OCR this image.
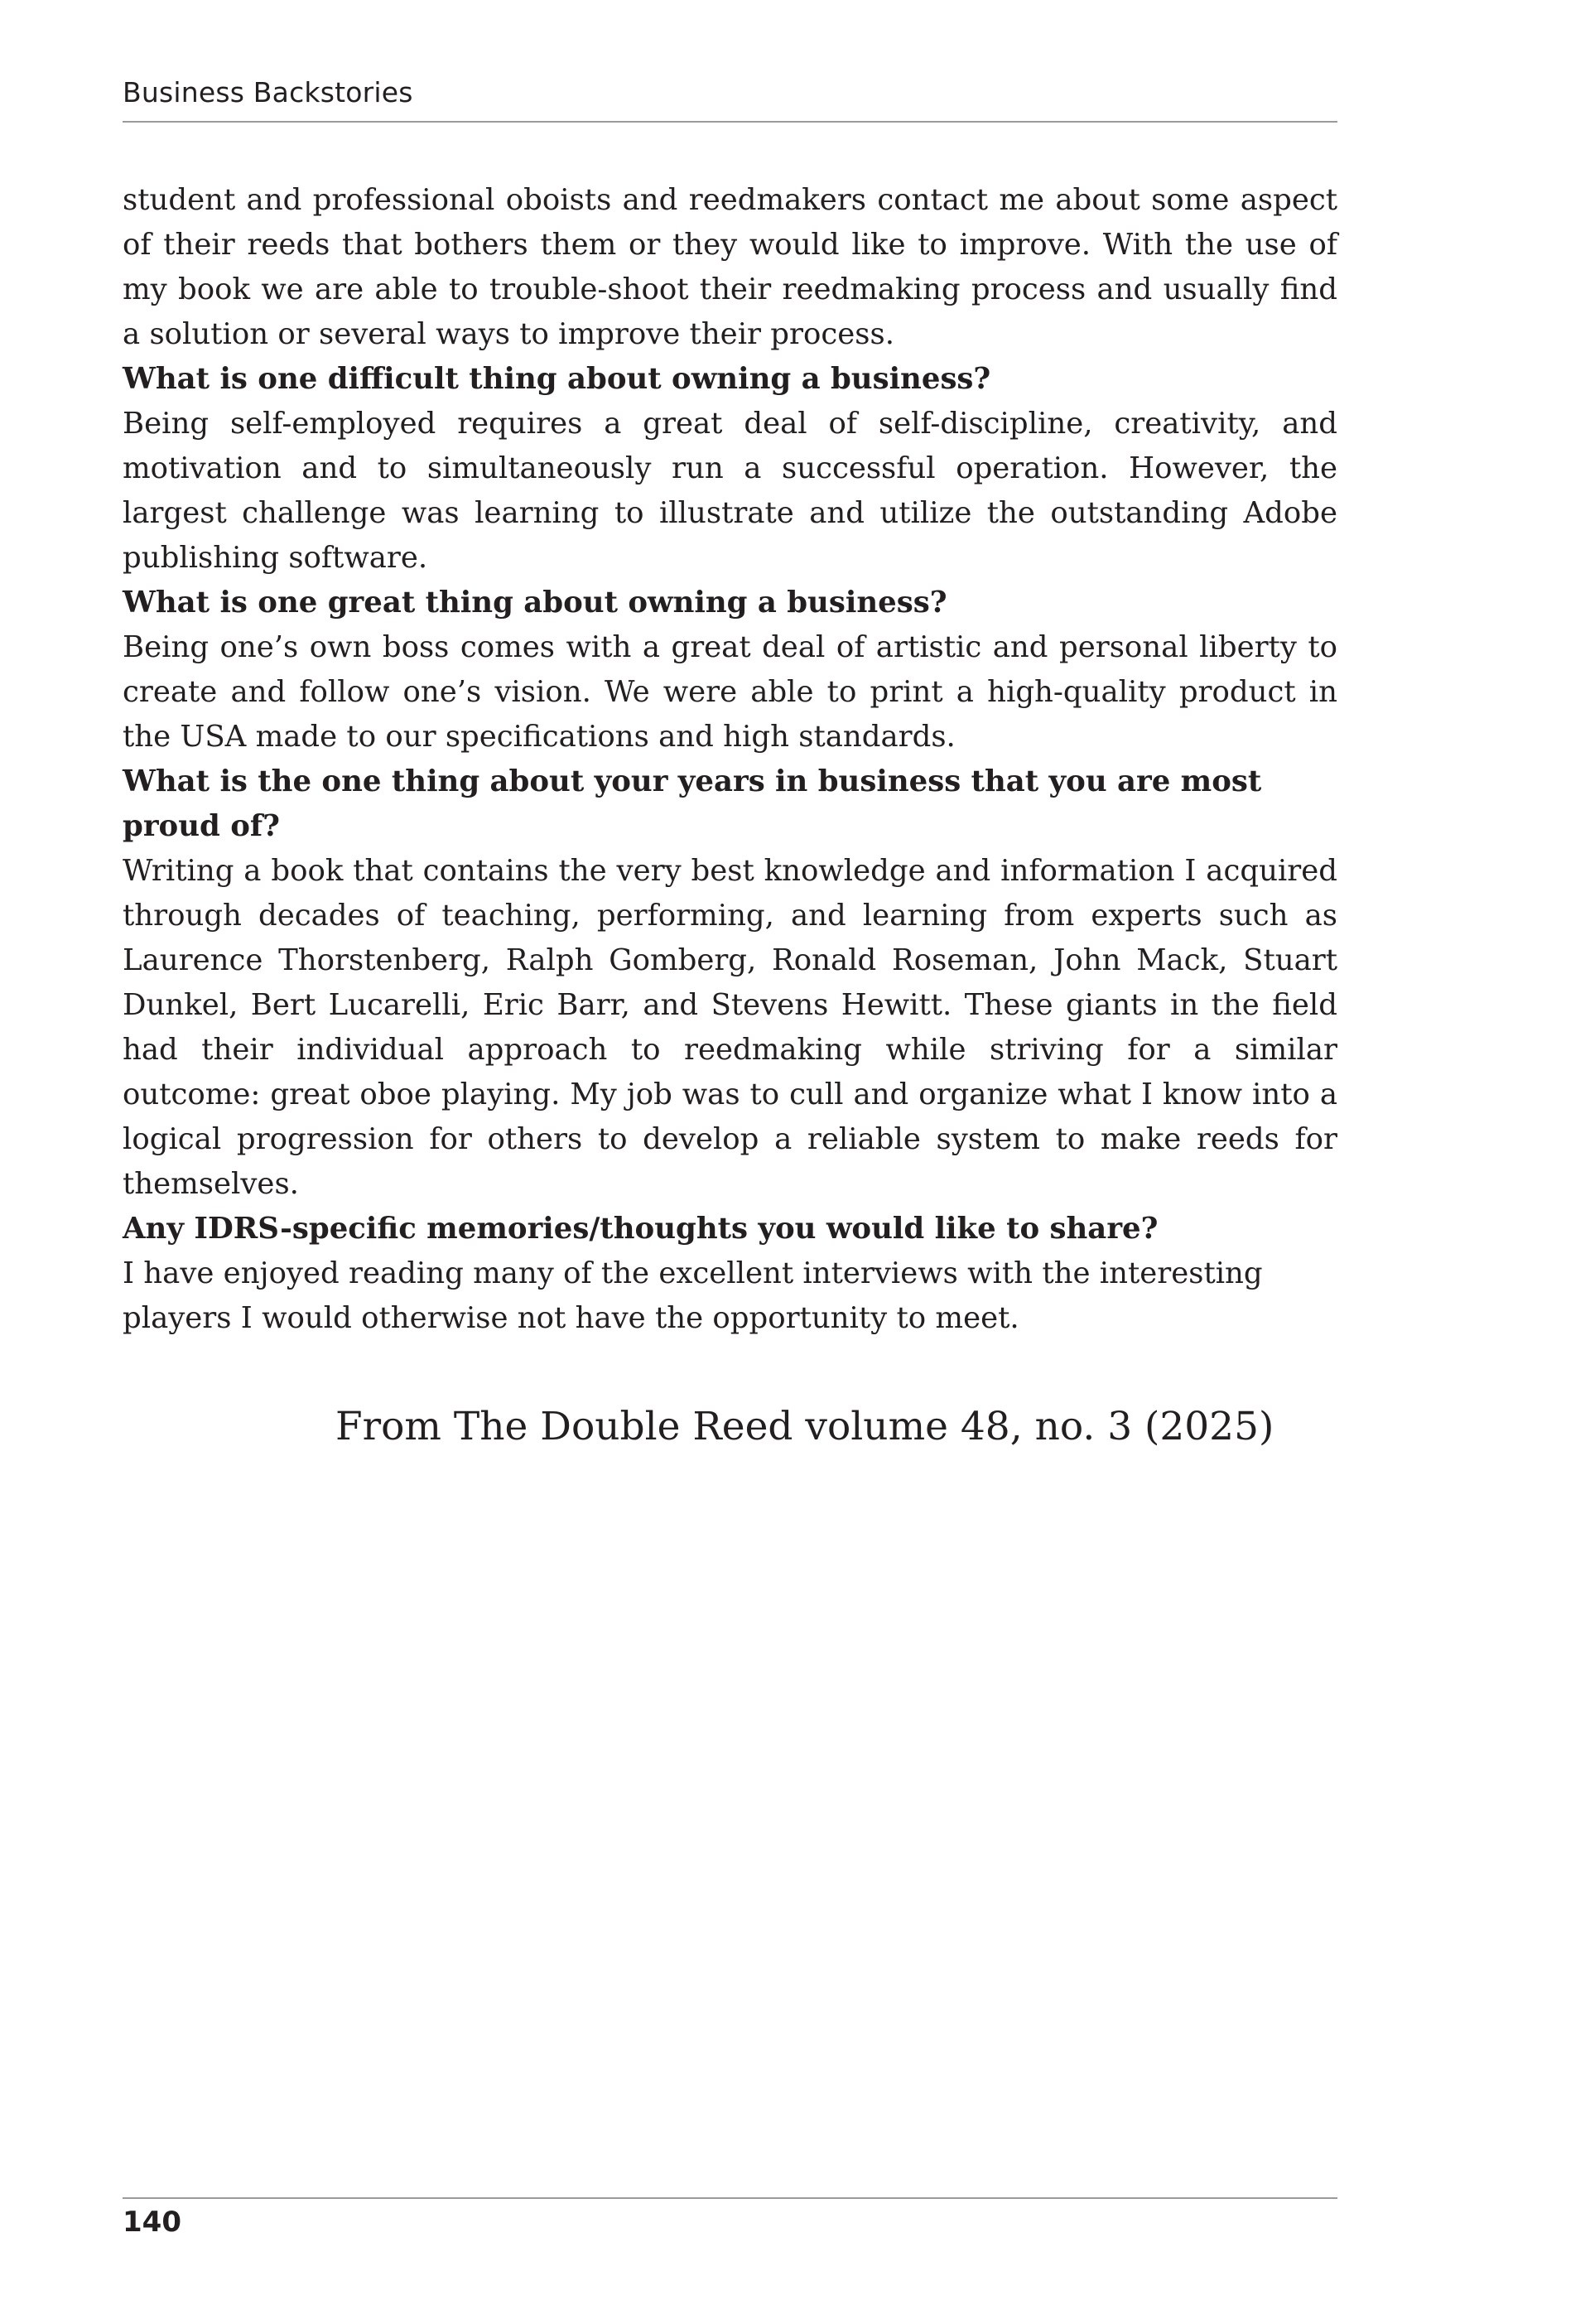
Business Backstories

student and professional oboists and reedmakers contact me about some aspect of their reeds that bothers them or they would like to improve. With the use of my book we are able to trouble-shoot their reedmaking process and usually find a solution or several ways to improve their process.

What is one difficult thing about owning a business?

Being self-employed requires a great deal of self-discipline, creativity, and motivation and to simultaneously run a successful operation. However, the largest challenge was learning to illustrate and utilize the outstanding Adobe publishing software.

What is one great thing about owning a business?

Being one’s own boss comes with a great deal of artistic and personal liberty to create and follow one’s vision. We were able to print a high-quality product in the USA made to our specifications and high standards.

What is the one thing about your years in business that you are most proud of?

Writing a book that contains the very best knowledge and information I acquired through decades of teaching, performing, and learning from experts such as Laurence Thorstenberg, Ralph Gomberg, Ronald Roseman, John Mack, Stuart Dunkel, Bert Lucarelli, Eric Barr, and Stevens Hewitt. These giants in the field had their individual approach to reedmaking while striving for a similar outcome: great oboe playing. My job was to cull and organize what I know into a logical progression for others to develop a reliable system to make reeds for themselves.

Any IDRS-specific memories/thoughts you would like to share?

I have enjoyed reading many of the excellent interviews with the interesting players I would otherwise not have the opportunity to meet.

From The Double Reed volume 48, no. 3 (2025)
140
